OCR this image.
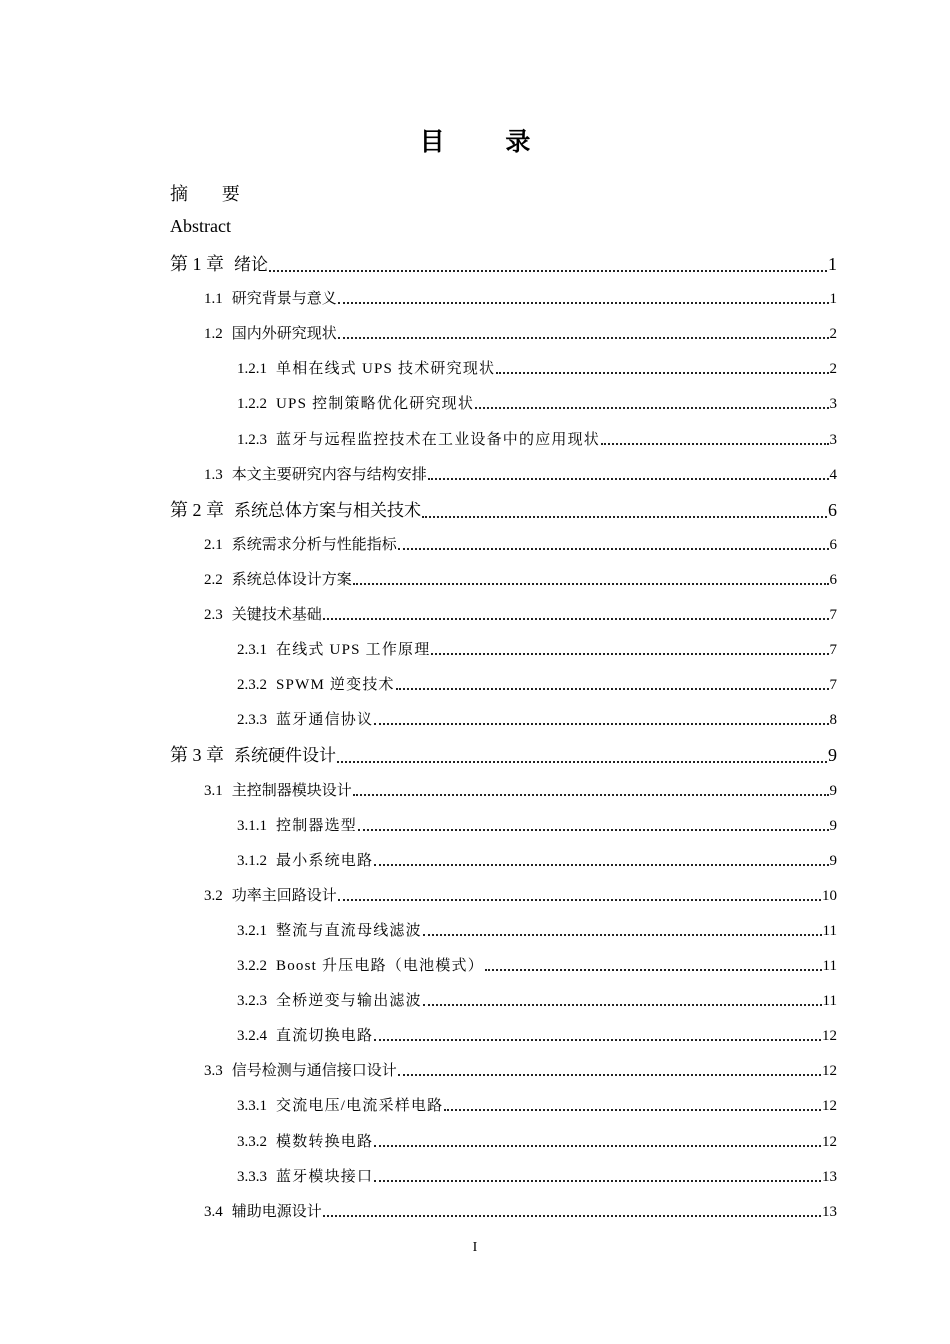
目 录
摘 要
Abstract
第 1 章 绪论	1
1.1 研究背景与意义	1
1.2 国内外研究现状	2
1.2.1 单相在线式 UPS 技术研究现状	2
1.2.2 UPS 控制策略优化研究现状	3
1.2.3 蓝牙与远程监控技术在工业设备中的应用现状	3
1.3 本文主要研究内容与结构安排	4
第 2 章 系统总体方案与相关技术	6
2.1 系统需求分析与性能指标	6
2.2 系统总体设计方案	6
2.3 关键技术基础	7
2.3.1 在线式 UPS 工作原理	7
2.3.2 SPWM 逆变技术	7
2.3.3 蓝牙通信协议	8
第 3 章 系统硬件设计	9
3.1 主控制器模块设计	9
3.1.1 控制器选型	9
3.1.2 最小系统电路	9
3.2 功率主回路设计	10
3.2.1 整流与直流母线滤波	11
3.2.2 Boost 升压电路（电池模式）	11
3.2.3 全桥逆变与输出滤波	11
3.2.4 直流切换电路	12
3.3 信号检测与通信接口设计	12
3.3.1 交流电压/电流采样电路	12
3.3.2 模数转换电路	12
3.3.3 蓝牙模块接口	13
3.4 辅助电源设计	13
I
